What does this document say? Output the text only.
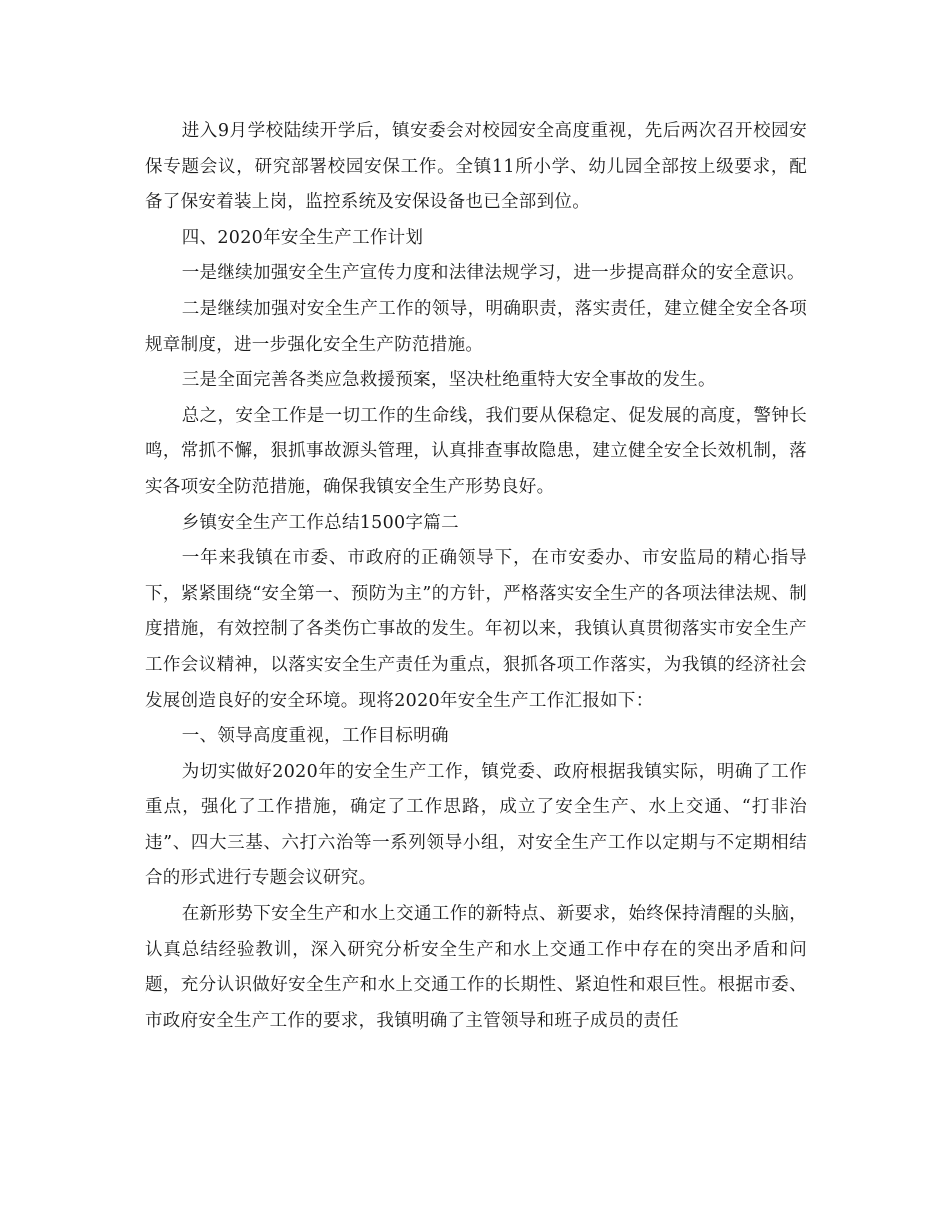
进入9月学校陆续开学后，镇安委会对校园安全高度重视，先后两次召开校园安保专题会议，研究部署校园安保工作。全镇11所小学、幼儿园全部按上级要求，配备了保安着装上岗，监控系统及安保设备也已全部到位。

四、2020年安全生产工作计划

一是继续加强安全生产宣传力度和法律法规学习，进一步提高群众的安全意识。

二是继续加强对安全生产工作的领导，明确职责，落实责任，建立健全安全各项规章制度，进一步强化安全生产防范措施。

三是全面完善各类应急救援预案，坚决杜绝重特大安全事故的发生。

总之，安全工作是一切工作的生命线，我们要从保稳定、促发展的高度，警钟长鸣，常抓不懈，狠抓事故源头管理，认真排查事故隐患，建立健全安全长效机制，落实各项安全防范措施，确保我镇安全生产形势良好。

乡镇安全生产工作总结1500字篇二

一年来我镇在市委、市政府的正确领导下，在市安委办、市安监局的精心指导下，紧紧围绕“安全第一、预防为主”的方针，严格落实安全生产的各项法律法规、制度措施，有效控制了各类伤亡事故的发生。年初以来，我镇认真贯彻落实市安全生产工作会议精神，以落实安全生产责任为重点，狠抓各项工作落实，为我镇的经济社会发展创造良好的安全环境。现将2020年安全生产工作汇报如下：

一、领导高度重视，工作目标明确

为切实做好2020年的安全生产工作，镇党委、政府根据我镇实际，明确了工作重点，强化了工作措施，确定了工作思路，成立了安全生产、水上交通、“打非治违”、四大三基、六打六治等一系列领导小组，对安全生产工作以定期与不定期相结合的形式进行专题会议研究。

在新形势下安全生产和水上交通工作的新特点、新要求，始终保持清醒的头脑，认真总结经验教训，深入研究分析安全生产和水上交通工作中存在的突出矛盾和问题，充分认识做好安全生产和水上交通工作的长期性、紧迫性和艰巨性。根据市委、市政府安全生产工作的要求，我镇明确了主管领导和班子成员的责任
